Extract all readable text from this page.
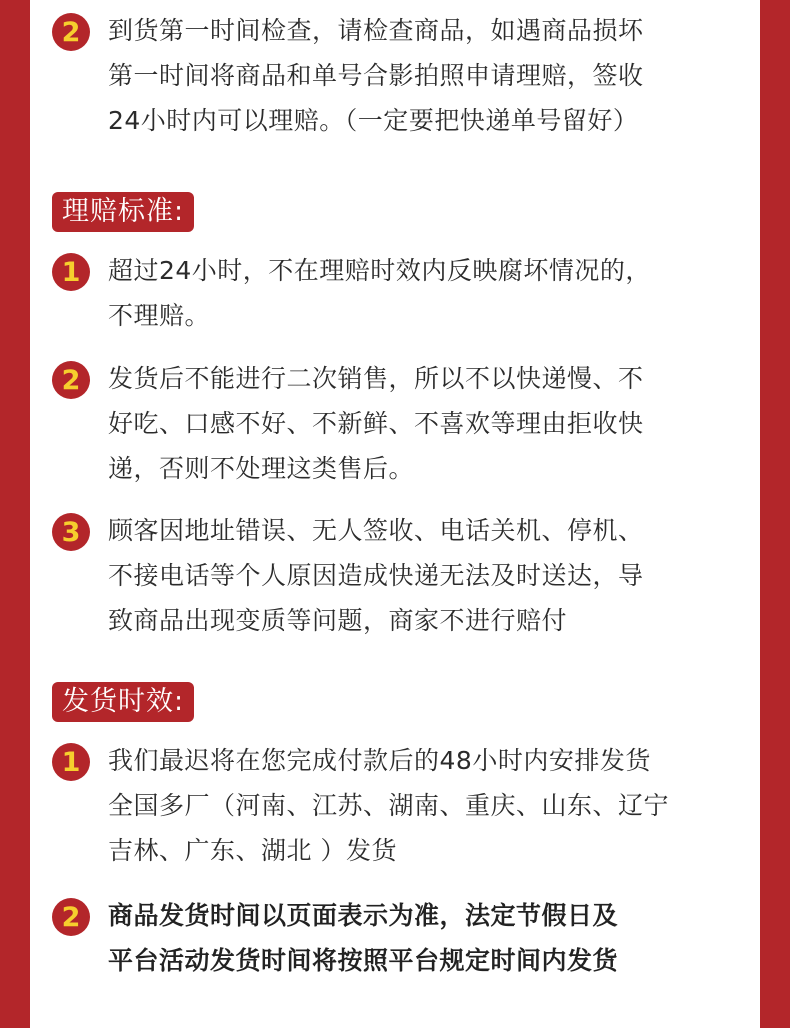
2	到货第一时间检查，请检查商品，如遇商品损坏
第一时间将商品和单号合影拍照申请理赔，签收
24小时内可以理赔。（一定要把快递单号留好）
理赔标准:
1	超过24小时，不在理赔时效内反映腐坏情况的，
不理赔。
2	发货后不能进行二次销售，所以不以快递慢、不
好吃、口感不好、不新鲜、不喜欢等理由拒收快
递，否则不处理这类售后。
3	顾客因地址错误、无人签收、电话关机、停机、
不接电话等个人原因造成快递无法及时送达，导
致商品出现变质等问题，商家不进行赔付
发货时效:
1	我们最迟将在您完成付款后的48小时内安排发货
全国多厂（河南、江苏、湖南、重庆、山东、辽宁
吉林、广东、湖北 ）发货
2	商品发货时间以页面表示为准，法定节假日及
平台活动发货时间将按照平台规定时间内发货
